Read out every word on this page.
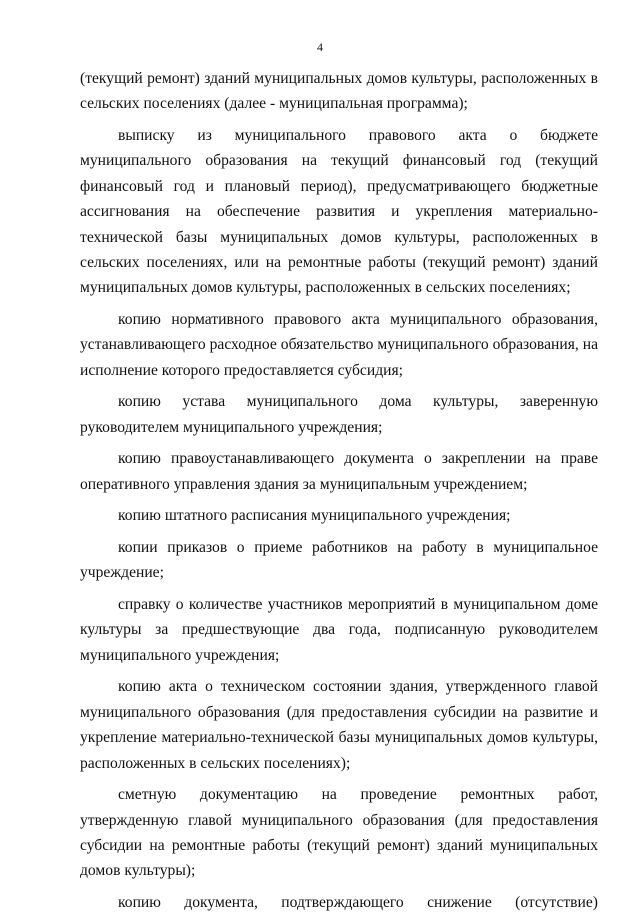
4

(текущий ремонт) зданий муниципальных домов культуры, расположенных в сельских поселениях (далее - муниципальная программа);

выписку из муниципального правового акта о бюджете муниципального образования на текущий финансовый год (текущий финансовый год и плановый период), предусматривающего бюджетные ассигнования на обеспечение развития и укрепления материально-технической базы муниципальных домов культуры, расположенных в сельских поселениях, или на ремонтные работы (текущий ремонт) зданий муниципальных домов культуры, расположенных в сельских поселениях;

копию нормативного правового акта муниципального образования, устанавливающего расходное обязательство муниципального образования, на исполнение которого предоставляется субсидия;

копию устава муниципального дома культуры, заверенную руководителем муниципального учреждения;

копию правоустанавливающего документа о закреплении на праве оперативного управления здания за муниципальным учреждением;

копию штатного расписания муниципального учреждения;

копии приказов о приеме работников на работу в муниципальное учреждение;

справку о количестве участников мероприятий в муниципальном доме культуры за предшествующие два года, подписанную руководителем муниципального учреждения;

копию акта о техническом состоянии здания, утвержденного главой муниципального образования (для предоставления субсидии на развитие и укрепление материально-технической базы муниципальных домов культуры, расположенных в сельских поселениях);

сметную документацию на проведение ремонтных работ, утвержденную главой муниципального образования (для предоставления субсидии на ремонтные работы (текущий ремонт) зданий муниципальных домов культуры);

копию документа, подтверждающего снижение (отсутствие)
